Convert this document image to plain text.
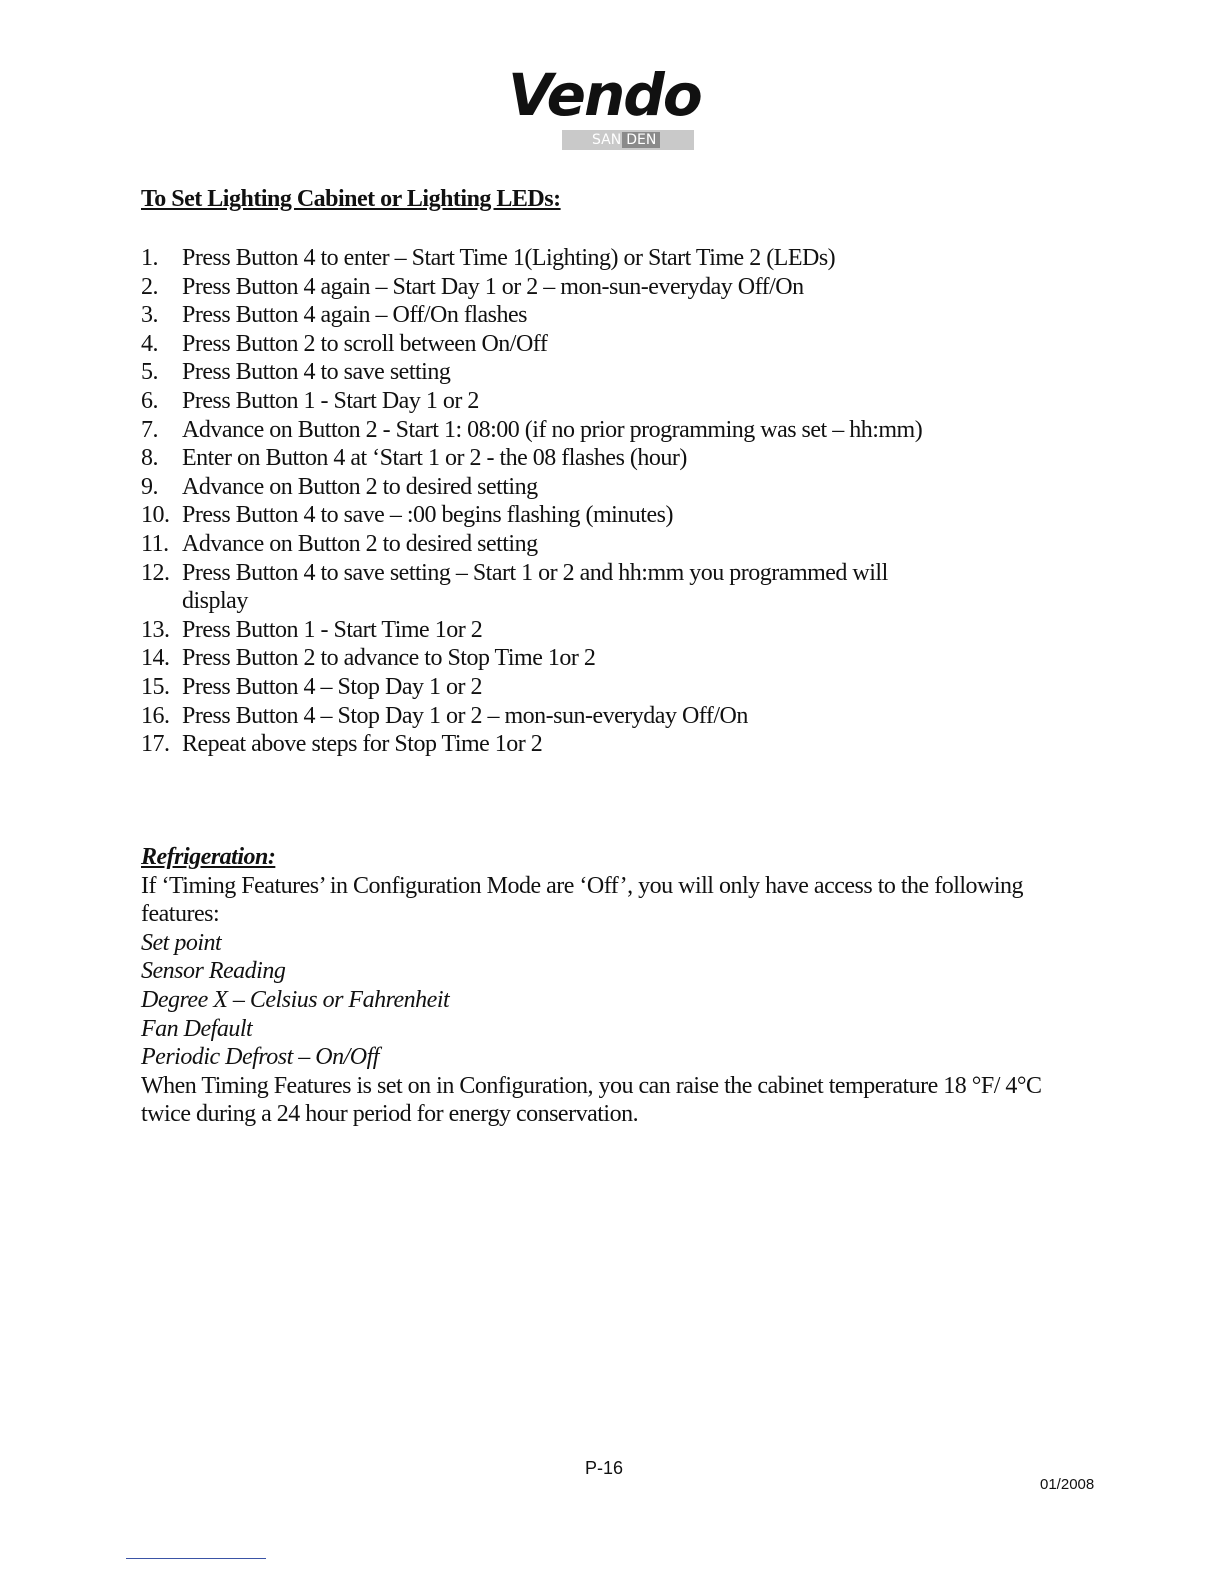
Vendo
SAN DEN
To Set Lighting Cabinet or Lighting LEDs:
1.	Press Button 4 to enter – Start Time 1(Lighting) or Start Time 2 (LEDs)
2.	Press Button 4 again – Start Day 1 or 2 – mon-sun-everyday Off/On
3.	Press Button 4 again – Off/On flashes
4.	Press Button 2 to scroll between On/Off
5.	Press Button 4 to save setting
6.	Press Button 1 - Start Day 1 or 2
7.	Advance on Button 2 - Start 1: 08:00 (if no prior programming was set – hh:mm)
8.	Enter on Button 4 at ‘Start 1 or 2 - the 08 flashes (hour)
9.	Advance on Button 2 to desired setting
10. Press Button 4 to save – :00 begins flashing (minutes)
11. Advance on Button 2 to desired setting
12. Press Button 4 to save setting – Start 1 or 2 and hh:mm you programmed will display
13. Press Button 1 - Start Time 1or 2
14. Press Button 2 to advance to Stop Time 1or 2
15. Press Button 4 – Stop Day 1 or 2
16. Press Button 4 – Stop Day 1 or 2 – mon-sun-everyday Off/On
17. Repeat above steps for Stop Time 1or 2

Refrigeration:

If ‘Timing Features’ in Configuration Mode are ‘Off’, you will only have access to the following features:

Set point

Sensor Reading

Degree X – Celsius or Fahrenheit

Fan Default

Periodic Defrost – On/Off

When Timing Features is set on in Configuration, you can raise the cabinet temperature 18 °F/ 4°C twice during a 24 hour period for energy conservation.

P-16
01/2008
